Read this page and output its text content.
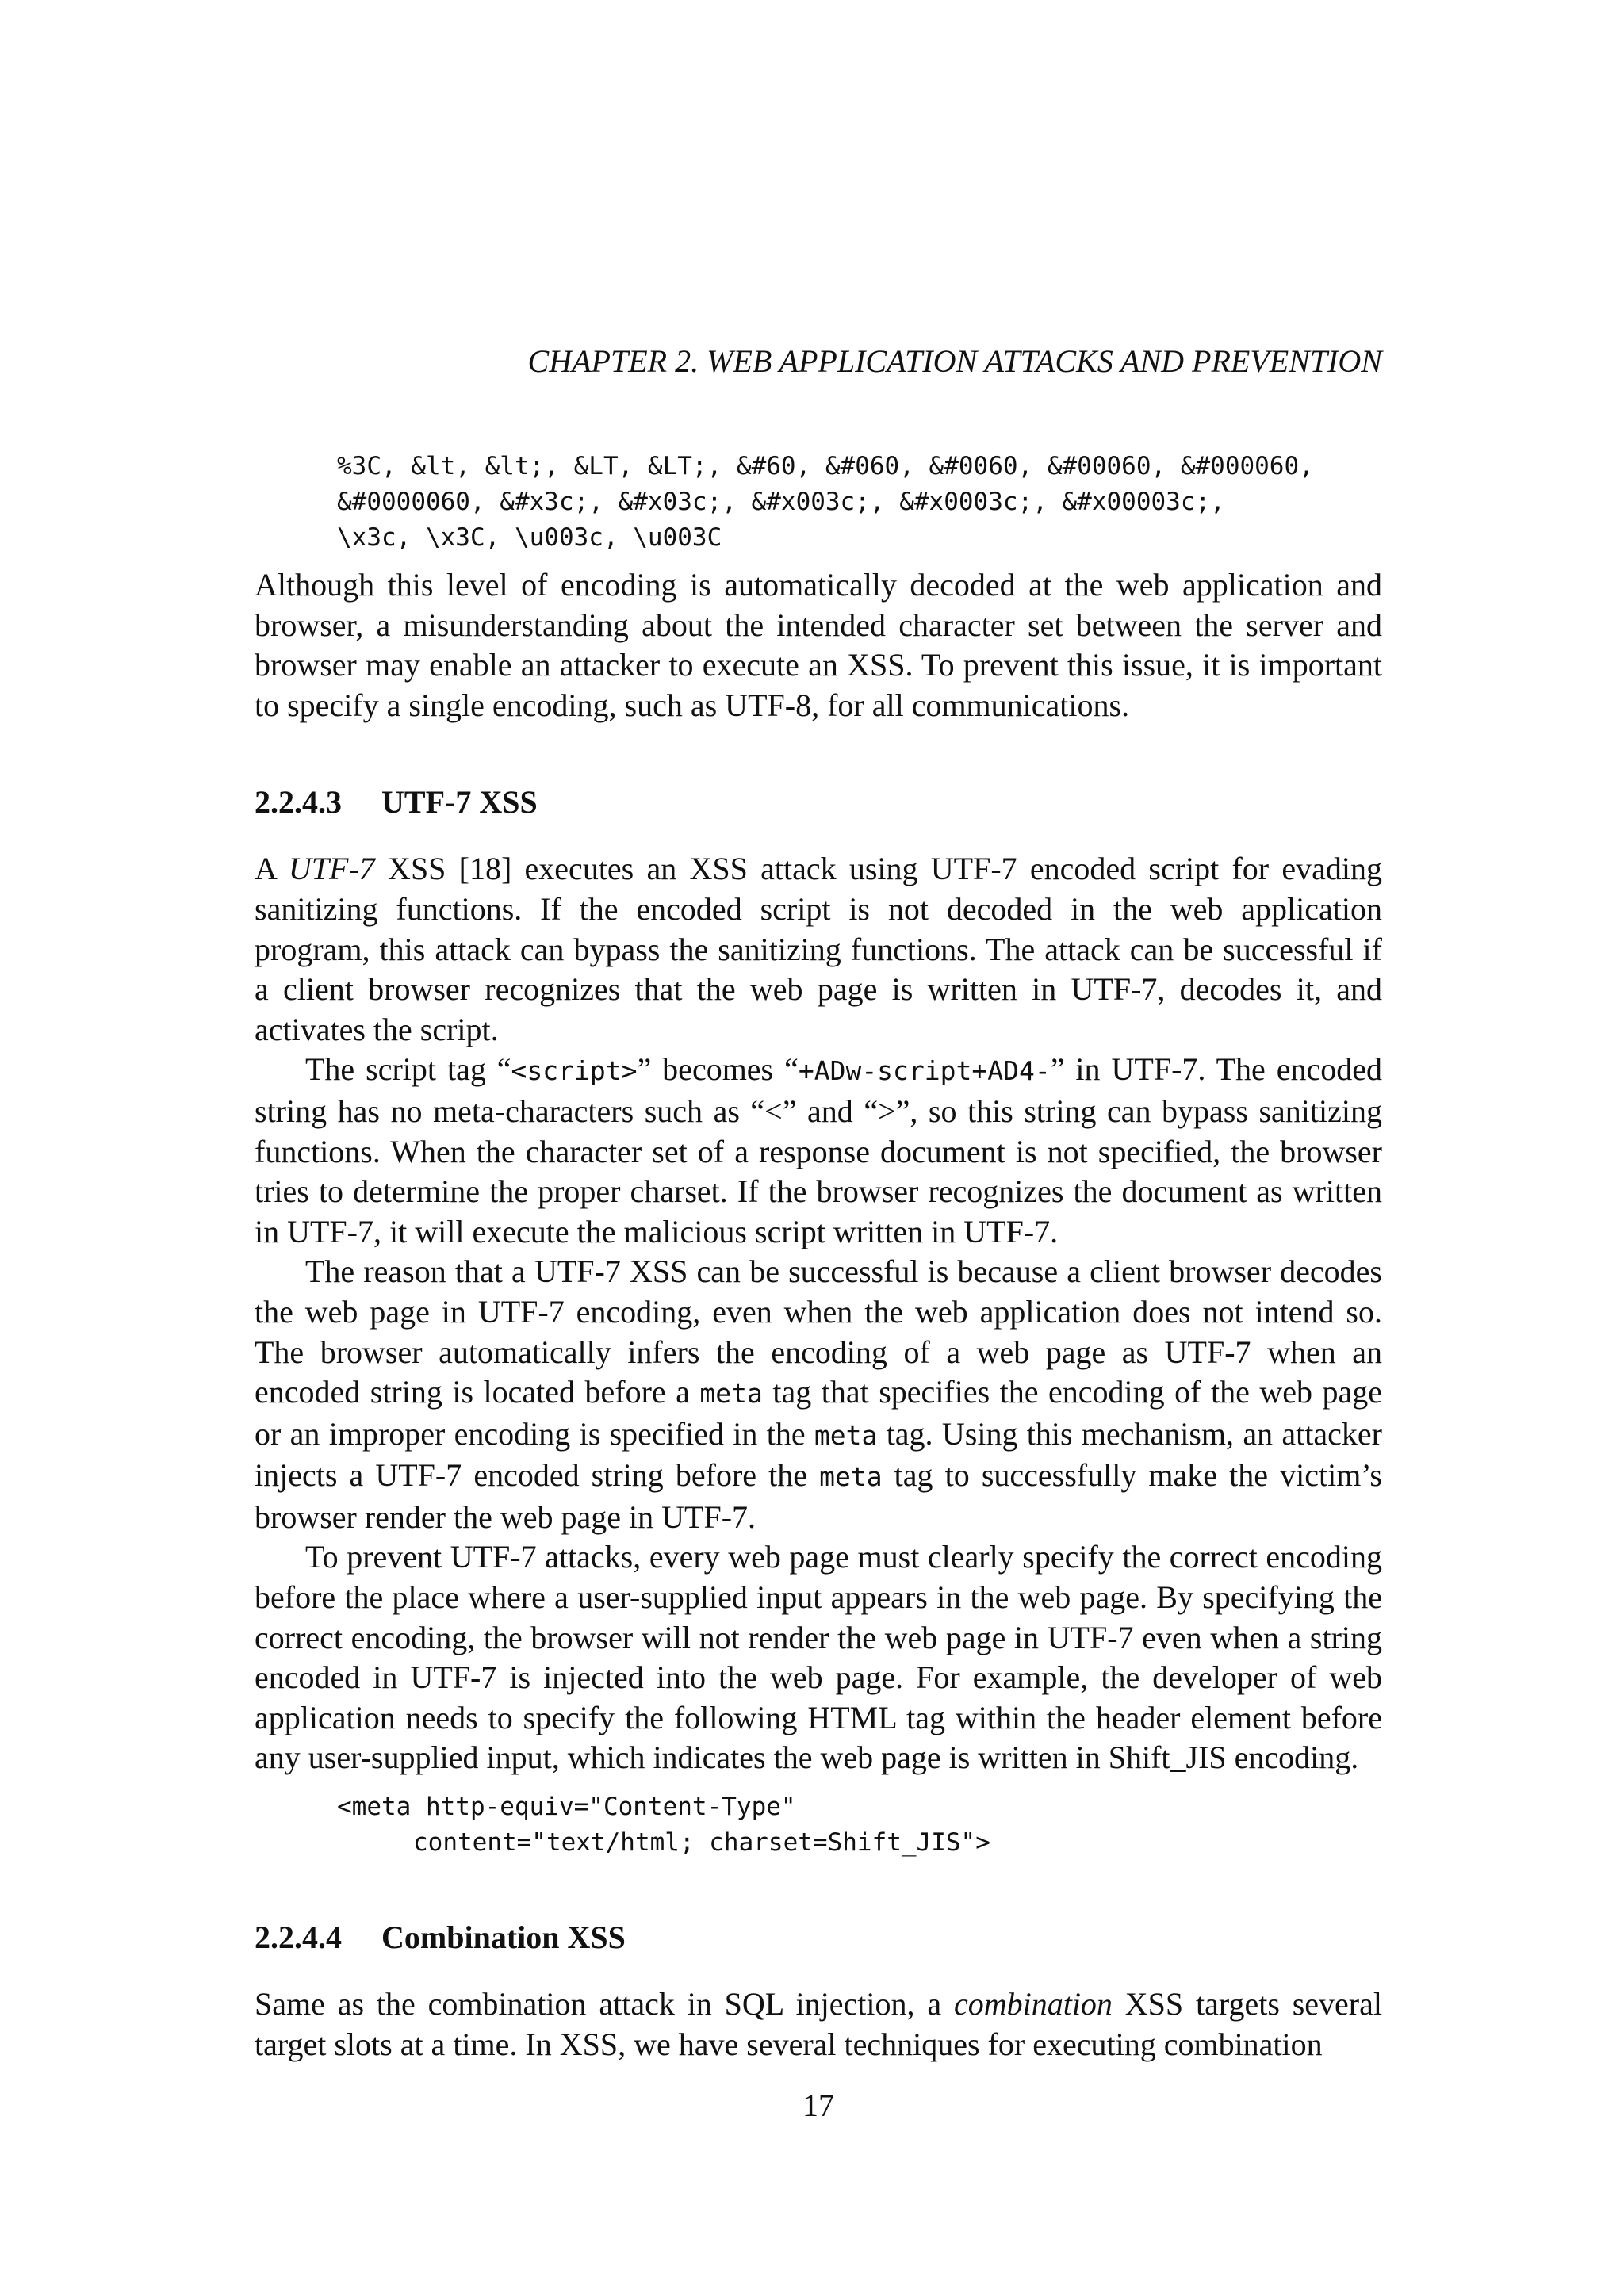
CHAPTER 2. WEB APPLICATION ATTACKS AND PREVENTION
%3C, &lt, &lt;, &LT, &LT;, &#60, &#060, &#0060, &#00060, &#000060,
&#0000060, &#x3c;, &#x03c;, &#x003c;, &#x0003c;, &#x00003c;,
\x3c, \x3C, \u003c, \u003C

Although this level of encoding is automatically decoded at the web application and browser, a misunderstanding about the intended character set between the server and browser may enable an attacker to execute an XSS. To prevent this issue, it is important to specify a single encoding, such as UTF-8, for all communications.

2.2.4.3 UTF-7 XSS

A UTF-7 XSS [18] executes an XSS attack using UTF-7 encoded script for evading sanitizing functions. If the encoded script is not decoded in the web application program, this attack can bypass the sanitizing functions. The attack can be successful if a client browser recognizes that the web page is written in UTF-7, decodes it, and activates the script.

The script tag “<script>” becomes “+ADw-script+AD4-” in UTF-7. The encoded string has no meta-characters such as “<” and “>”, so this string can bypass sanitizing functions. When the character set of a response document is not specified, the browser tries to determine the proper charset. If the browser recognizes the document as written in UTF-7, it will execute the malicious script written in UTF-7.

The reason that a UTF-7 XSS can be successful is because a client browser decodes the web page in UTF-7 encoding, even when the web application does not intend so. The browser automatically infers the encoding of a web page as UTF-7 when an encoded string is located before a meta tag that specifies the encoding of the web page or an improper encoding is specified in the meta tag. Using this mechanism, an attacker injects a UTF-7 encoded string before the meta tag to successfully make the victim’s browser render the web page in UTF-7.

To prevent UTF-7 attacks, every web page must clearly specify the correct encoding before the place where a user-supplied input appears in the web page. By specifying the correct encoding, the browser will not render the web page in UTF-7 even when a string encoded in UTF-7 is injected into the web page. For example, the developer of web application needs to specify the following HTML tag within the header element before any user-supplied input, which indicates the web page is written in Shift_JIS encoding.

<meta http-equiv="Content-Type"
content="text/html; charset=Shift_JIS">
2.2.4.4 Combination XSS

Same as the combination attack in SQL injection, a combination XSS targets several target slots at a time. In XSS, we have several techniques for executing combination

17
